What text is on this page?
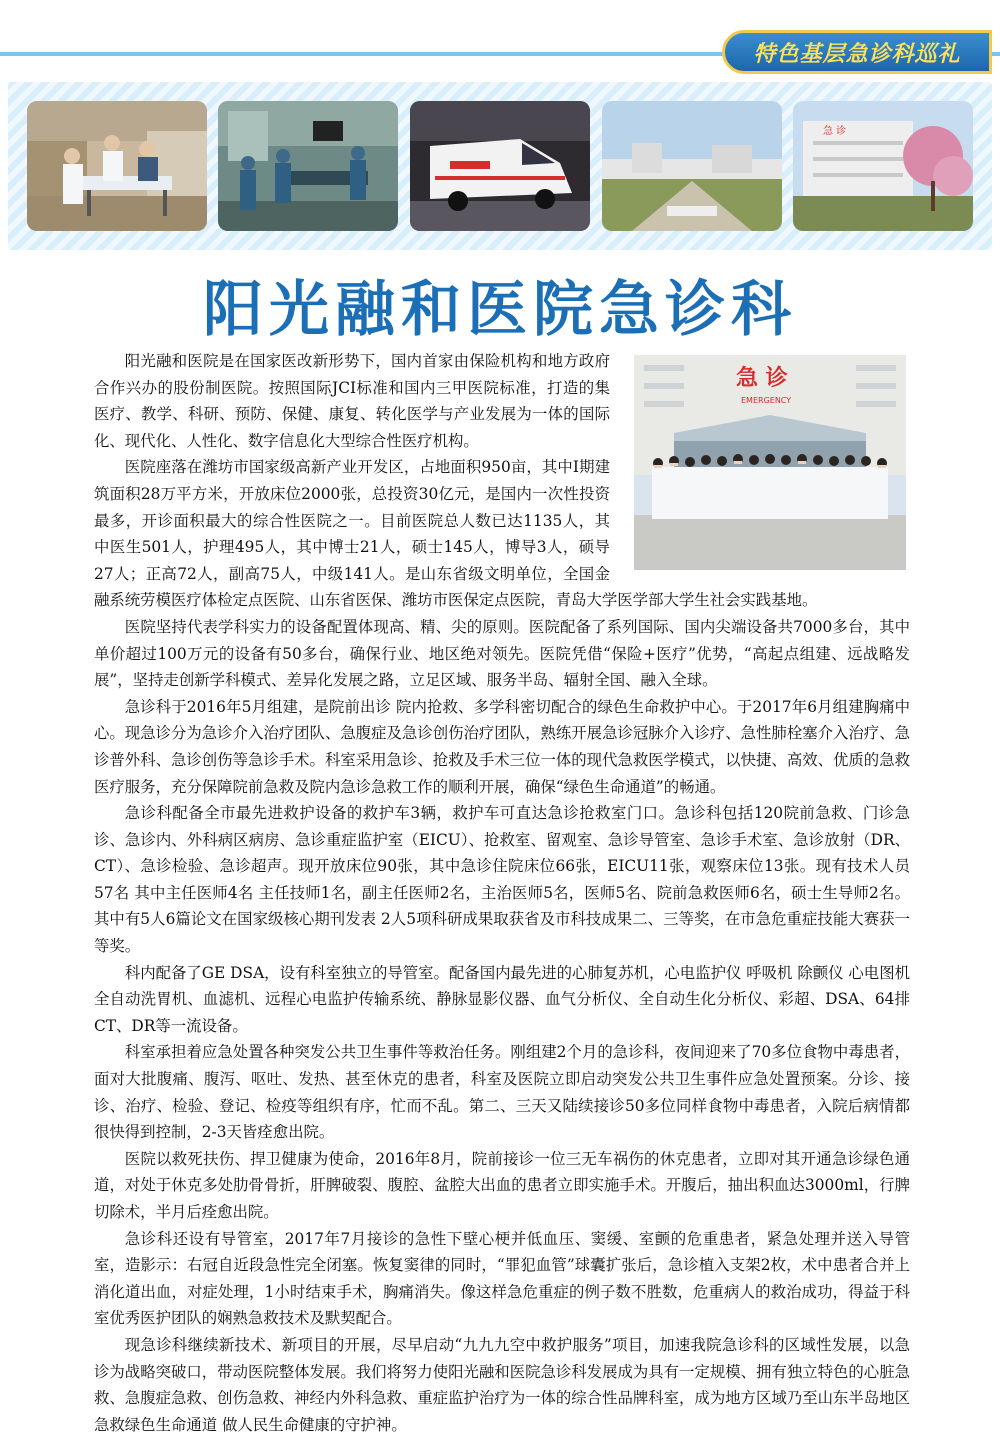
特色基层急诊科巡礼
急 诊
阳光融和医院急诊科
急 诊
EMERGENCY

阳光融和医院是在国家医改新形势下，国内首家由保险机构和地方政府合作兴办的股份制医院。按照国际JCI标准和国内三甲医院标准，打造的集医疗、教学、科研、预防、保健、康复、转化医学与产业发展为一体的国际化、现代化、人性化、数字信息化大型综合性医疗机构。

医院座落在潍坊市国家级高新产业开发区，占地面积950亩，其中Ⅰ期建筑面积28万平方米，开放床位2000张，总投资30亿元，是国内一次性投资最多，开诊面积最大的综合性医院之一。目前医院总人数已达1135人，其中医生501人，护理495人，其中博士21人，硕士145人，博导3人，硕导27人；正高72人，副高75人，中级141人。是山东省级文明单位，全国金融系统劳模医疗体检定点医院、山东省医保、潍坊市医保定点医院，青岛大学医学部大学生社会实践基地。

医院坚持代表学科实力的设备配置体现高、精、尖的原则。医院配备了系列国际、国内尖端设备共7000多台，其中单价超过100万元的设备有50多台，确保行业、地区绝对领先。医院凭借“保险+医疗”优势，“高起点组建、远战略发展”，坚持走创新学科模式、差异化发展之路，立足区域、服务半岛、辐射全国、融入全球。

急诊科于2016年5月组建，是院前出诊 院内抢救、多学科密切配合的绿色生命救护中心。于2017年6月组建胸痛中心。现急诊分为急诊介入治疗团队、急腹症及急诊创伤治疗团队，熟练开展急诊冠脉介入诊疗、急性肺栓塞介入治疗、急诊普外科、急诊创伤等急诊手术。科室采用急诊、抢救及手术三位一体的现代急救医学模式，以快捷、高效、优质的急救医疗服务，充分保障院前急救及院内急诊急救工作的顺利开展，确保“绿色生命通道”的畅通。

急诊科配备全市最先进救护设备的救护车3辆，救护车可直达急诊抢救室门口。急诊科包括120院前急救、门诊急诊、急诊内、外科病区病房、急诊重症监护室（EICU）、抢救室、留观室、急诊导管室、急诊手术室、急诊放射（DR、CT）、急诊检验、急诊超声。现开放床位90张，其中急诊住院床位66张，EICU11张，观察床位13张。现有技术人员57名 其中主任医师4名 主任技师1名，副主任医师2名，主治医师5名，医师5名、院前急救医师6名，硕士生导师2名。其中有5人6篇论文在国家级核心期刊发表 2人5项科研成果取获省及市科技成果二、三等奖，在市急危重症技能大赛获一等奖。

科内配备了GE DSA，设有科室独立的导管室。配备国内最先进的心肺复苏机，心电监护仪 呼吸机 除颤仪 心电图机 全自动洗胃机、血滤机、远程心电监护传输系统、静脉显影仪器、血气分析仪、全自动生化分析仪、彩超、DSA、64排CT、DR等一流设备。

科室承担着应急处置各种突发公共卫生事件等救治任务。刚组建2个月的急诊科，夜间迎来了70多位食物中毒患者，面对大批腹痛、腹泻、呕吐、发热、甚至休克的患者，科室及医院立即启动突发公共卫生事件应急处置预案。分诊、接诊、治疗、检验、登记、检疫等组织有序，忙而不乱。第二、三天又陆续接诊50多位同样食物中毒患者，入院后病情都很快得到控制，2-3天皆痊愈出院。

医院以救死扶伤、捍卫健康为使命，2016年8月，院前接诊一位三无车祸伤的休克患者，立即对其开通急诊绿色通道，对处于休克多处肋骨骨折，肝脾破裂、腹腔、盆腔大出血的患者立即实施手术。开腹后，抽出积血达3000ml，行脾切除术，半月后痊愈出院。

急诊科还设有导管室，2017年7月接诊的急性下壁心梗并低血压、窦缓、室颤的危重患者，紧急处理并送入导管室，造影示：右冠自近段急性完全闭塞。恢复窦律的同时，“罪犯血管”球囊扩张后，急诊植入支架2枚，术中患者合并上消化道出血，对症处理，1小时结束手术，胸痛消失。像这样急危重症的例子数不胜数，危重病人的救治成功，得益于科室优秀医护团队的娴熟急救技术及默契配合。

现急诊科继续新技术、新项目的开展，尽早启动“九九九空中救护服务”项目，加速我院急诊科的区域性发展，以急诊为战略突破口，带动医院整体发展。我们将努力使阳光融和医院急诊科发展成为具有一定规模、拥有独立特色的心脏急救、急腹症急救、创伤急救、神经内外科急救、重症监护治疗为一体的综合性品牌科室，成为地方区域乃至山东半岛地区急救绿色生命通道 做人民生命健康的守护神。
